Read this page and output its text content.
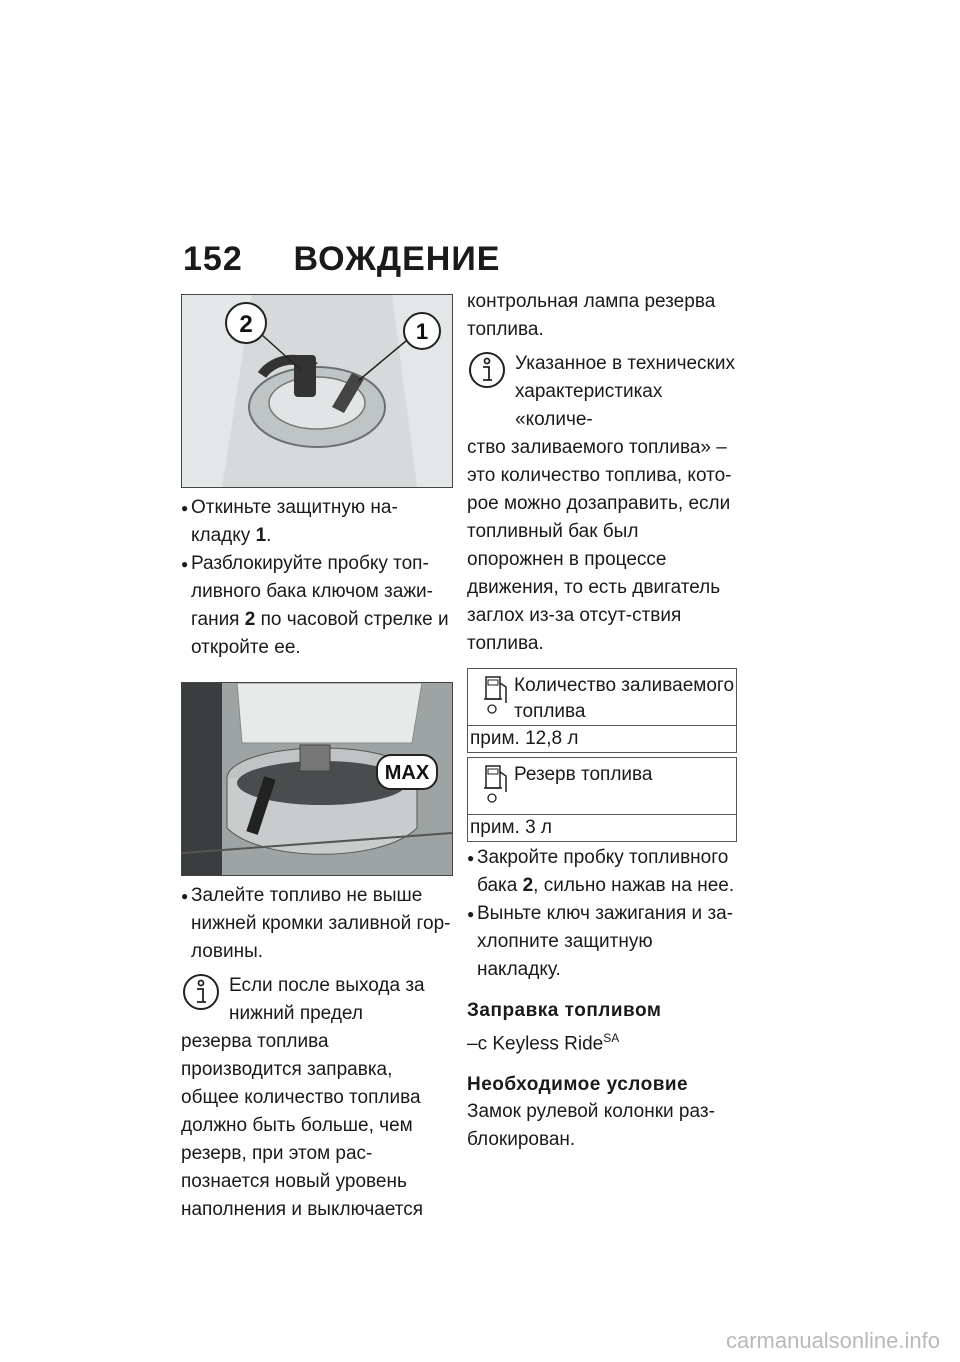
152 ВОЖДЕНИЕ
2	1
● Откиньте защитную на-кладку 1.
● Разблокируйте пробку топ-ливного бака ключом зажи-гания 2 по часовой стрелке и откройте ее.
MAX
● Залейте топливо не выше нижней кромки заливной гор-ловины.
Если после выхода за нижний предел
резерва топлива производится заправка, общее количество топлива должно быть больше, чем резерв, при этом рас-познается новый уровень наполнения и выключается
контрольная лампа резерва топлива.
Указанное в технических характеристиках «количе-
ство заливаемого топлива» – это количество топлива, кото-рое можно дозаправить, если топливный бак был опорожнен в процессе движения, то есть двигатель заглох из-за отсут-ствия топлива.
Количество заливаемого топлива
прим. 12,8 л
Резерв топлива
прим. 3 л
● Закройте пробку топливного бака 2, сильно нажав на нее.
● Выньте ключ зажигания и за-хлопните защитную накладку.
Заправка топливом
–с Keyless Ride$^{SA}$
Необходимое условие
Замок рулевой колонки раз-блокирован.
carmanualsonline.info
